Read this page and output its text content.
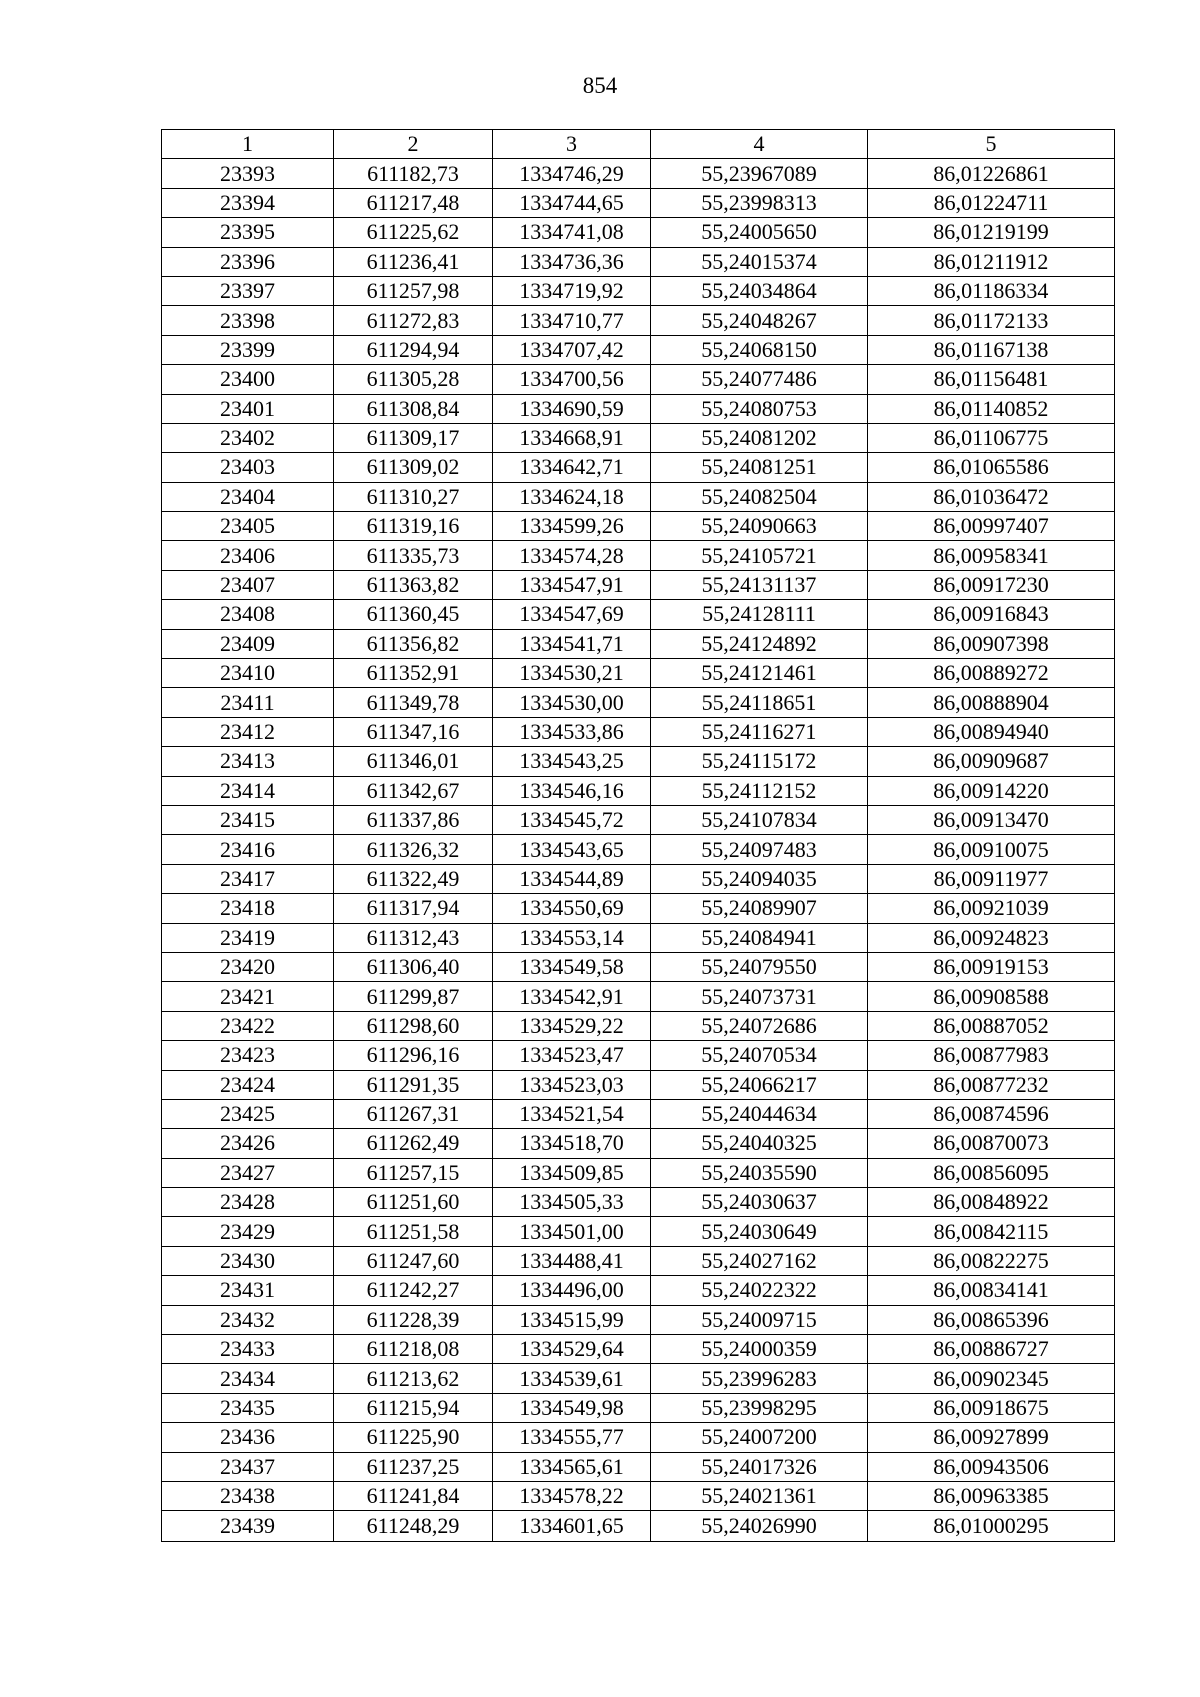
854
1	2	3	4	5
23393	611182,73	1334746,29	55,23967089	86,01226861
23394	611217,48	1334744,65	55,23998313	86,01224711
23395	611225,62	1334741,08	55,24005650	86,01219199
23396	611236,41	1334736,36	55,24015374	86,01211912
23397	611257,98	1334719,92	55,24034864	86,01186334
23398	611272,83	1334710,77	55,24048267	86,01172133
23399	611294,94	1334707,42	55,24068150	86,01167138
23400	611305,28	1334700,56	55,24077486	86,01156481
23401	611308,84	1334690,59	55,24080753	86,01140852
23402	611309,17	1334668,91	55,24081202	86,01106775
23403	611309,02	1334642,71	55,24081251	86,01065586
23404	611310,27	1334624,18	55,24082504	86,01036472
23405	611319,16	1334599,26	55,24090663	86,00997407
23406	611335,73	1334574,28	55,24105721	86,00958341
23407	611363,82	1334547,91	55,24131137	86,00917230
23408	611360,45	1334547,69	55,24128111	86,00916843
23409	611356,82	1334541,71	55,24124892	86,00907398
23410	611352,91	1334530,21	55,24121461	86,00889272
23411	611349,78	1334530,00	55,24118651	86,00888904
23412	611347,16	1334533,86	55,24116271	86,00894940
23413	611346,01	1334543,25	55,24115172	86,00909687
23414	611342,67	1334546,16	55,24112152	86,00914220
23415	611337,86	1334545,72	55,24107834	86,00913470
23416	611326,32	1334543,65	55,24097483	86,00910075
23417	611322,49	1334544,89	55,24094035	86,00911977
23418	611317,94	1334550,69	55,24089907	86,00921039
23419	611312,43	1334553,14	55,24084941	86,00924823
23420	611306,40	1334549,58	55,24079550	86,00919153
23421	611299,87	1334542,91	55,24073731	86,00908588
23422	611298,60	1334529,22	55,24072686	86,00887052
23423	611296,16	1334523,47	55,24070534	86,00877983
23424	611291,35	1334523,03	55,24066217	86,00877232
23425	611267,31	1334521,54	55,24044634	86,00874596
23426	611262,49	1334518,70	55,24040325	86,00870073
23427	611257,15	1334509,85	55,24035590	86,00856095
23428	611251,60	1334505,33	55,24030637	86,00848922
23429	611251,58	1334501,00	55,24030649	86,00842115
23430	611247,60	1334488,41	55,24027162	86,00822275
23431	611242,27	1334496,00	55,24022322	86,00834141
23432	611228,39	1334515,99	55,24009715	86,00865396
23433	611218,08	1334529,64	55,24000359	86,00886727
23434	611213,62	1334539,61	55,23996283	86,00902345
23435	611215,94	1334549,98	55,23998295	86,00918675
23436	611225,90	1334555,77	55,24007200	86,00927899
23437	611237,25	1334565,61	55,24017326	86,00943506
23438	611241,84	1334578,22	55,24021361	86,00963385
23439	611248,29	1334601,65	55,24026990	86,01000295
